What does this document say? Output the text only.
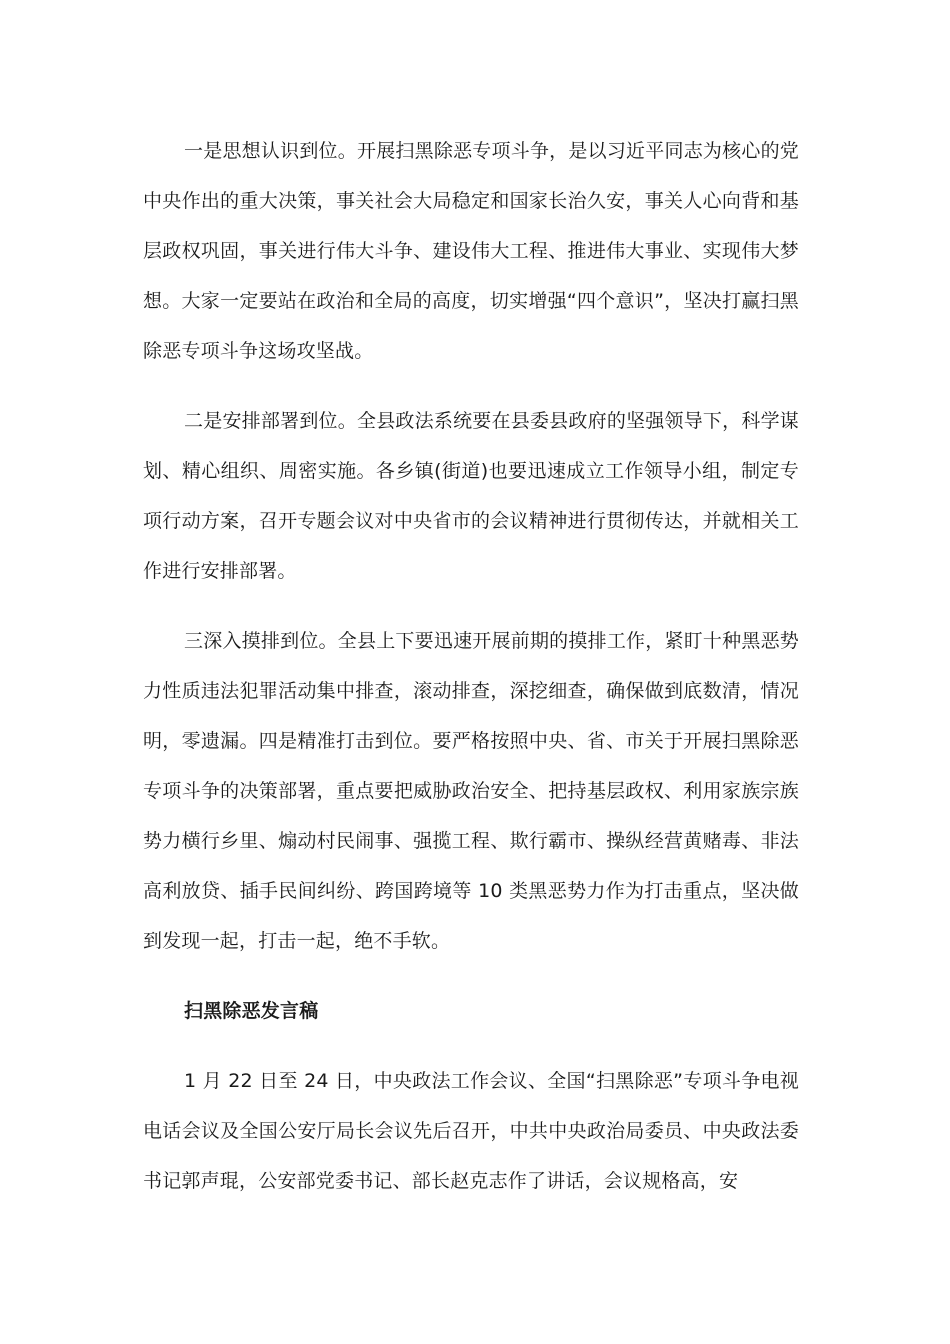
一是思想认识到位。开展扫黑除恶专项斗争，是以习近平同志为核心的党中央作出的重大决策，事关社会大局稳定和国家长治久安，事关人心向背和基层政权巩固，事关进行伟大斗争、建设伟大工程、推进伟大事业、实现伟大梦想。大家一定要站在政治和全局的高度，切实增强“四个意识”，坚决打赢扫黑除恶专项斗争这场攻坚战。

二是安排部署到位。全县政法系统要在县委县政府的坚强领导下，科学谋划、精心组织、周密实施。各乡镇(街道)也要迅速成立工作领导小组，制定专项行动方案，召开专题会议对中央省市的会议精神进行贯彻传达，并就相关工作进行安排部署。

三深入摸排到位。全县上下要迅速开展前期的摸排工作，紧盯十种黑恶势力性质违法犯罪活动集中排查，滚动排查，深挖细查，确保做到底数清，情况明，零遗漏。四是精准打击到位。要严格按照中央、省、市关于开展扫黑除恶专项斗争的决策部署，重点要把威胁政治安全、把持基层政权、利用家族宗族势力横行乡里、煽动村民闹事、强揽工程、欺行霸市、操纵经营黄赌毒、非法高利放贷、插手民间纠纷、跨国跨境等 10 类黑恶势力作为打击重点，坚决做到发现一起，打击一起，绝不手软。

扫黑除恶发言稿

1 月 22 日至 24 日，中央政法工作会议、全国“扫黑除恶”专项斗争电视电话会议及全国公安厅局长会议先后召开，中共中央政治局委员、中央政法委书记郭声琨，公安部党委书记、部长赵克志作了讲话，会议规格高，安
